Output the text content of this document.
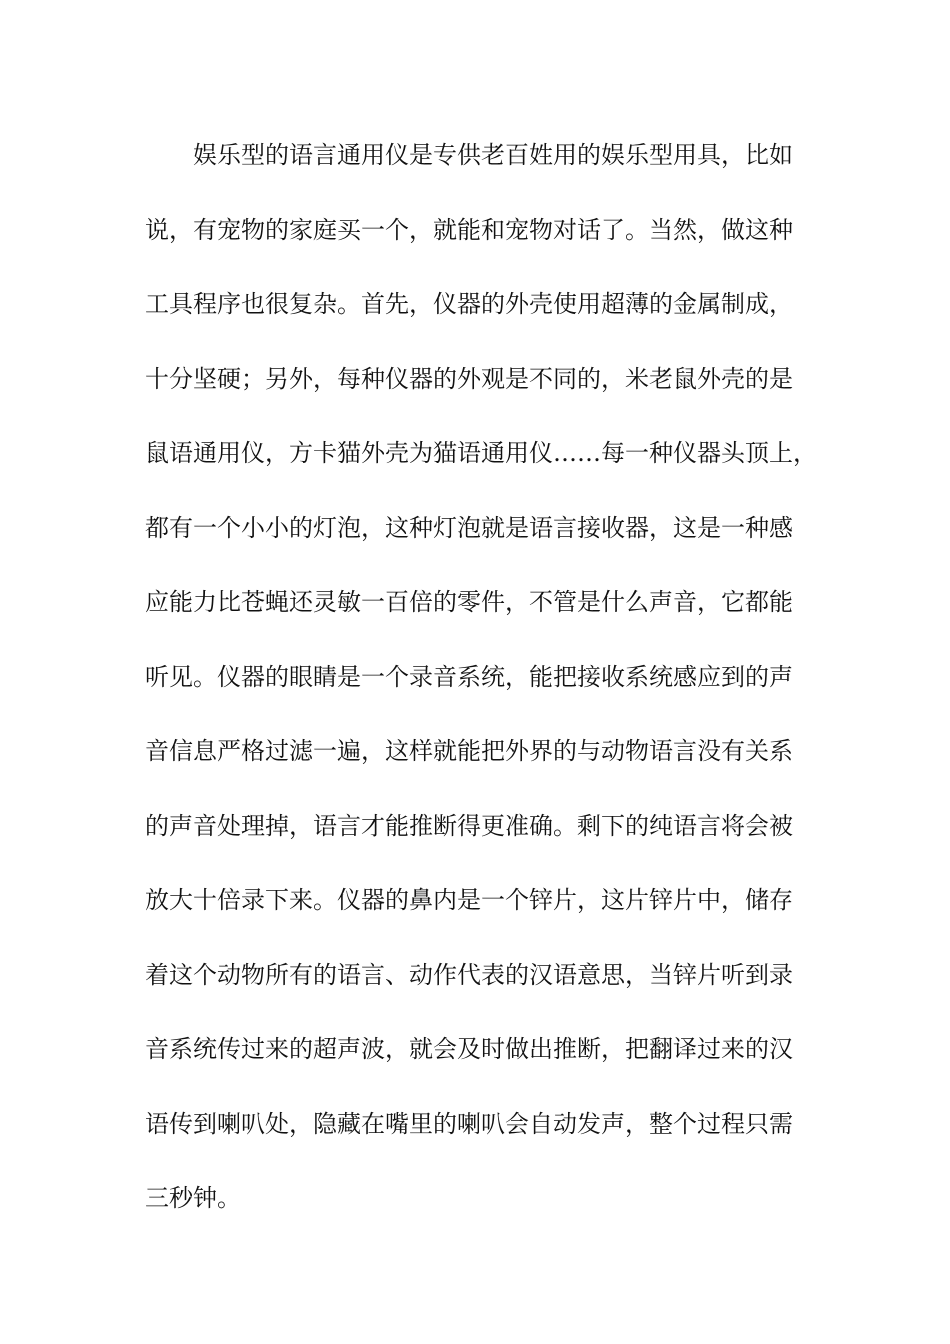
娱乐型的语言通用仪是专供老百姓用的娱乐型用具，比如
说，有宠物的家庭买一个，就能和宠物对话了。当然，做这种
工具程序也很复杂。首先，仪器的外壳使用超薄的金属制成，
十分坚硬；另外，每种仪器的外观是不同的，米老鼠外壳的是
鼠语通用仪，方卡猫外壳为猫语通用仪……每一种仪器头顶上，
都有一个小小的灯泡，这种灯泡就是语言接收器，这是一种感
应能力比苍蝇还灵敏一百倍的零件，不管是什么声音，它都能
听见。仪器的眼睛是一个录音系统，能把接收系统感应到的声
音信息严格过滤一遍，这样就能把外界的与动物语言没有关系
的声音处理掉，语言才能推断得更准确。剩下的纯语言将会被
放大十倍录下来。仪器的鼻内是一个锌片，这片锌片中，储存
着这个动物所有的语言、动作代表的汉语意思，当锌片听到录
音系统传过来的超声波，就会及时做出推断，把翻译过来的汉
语传到喇叭处，隐藏在嘴里的喇叭会自动发声，整个过程只需
三秒钟。
